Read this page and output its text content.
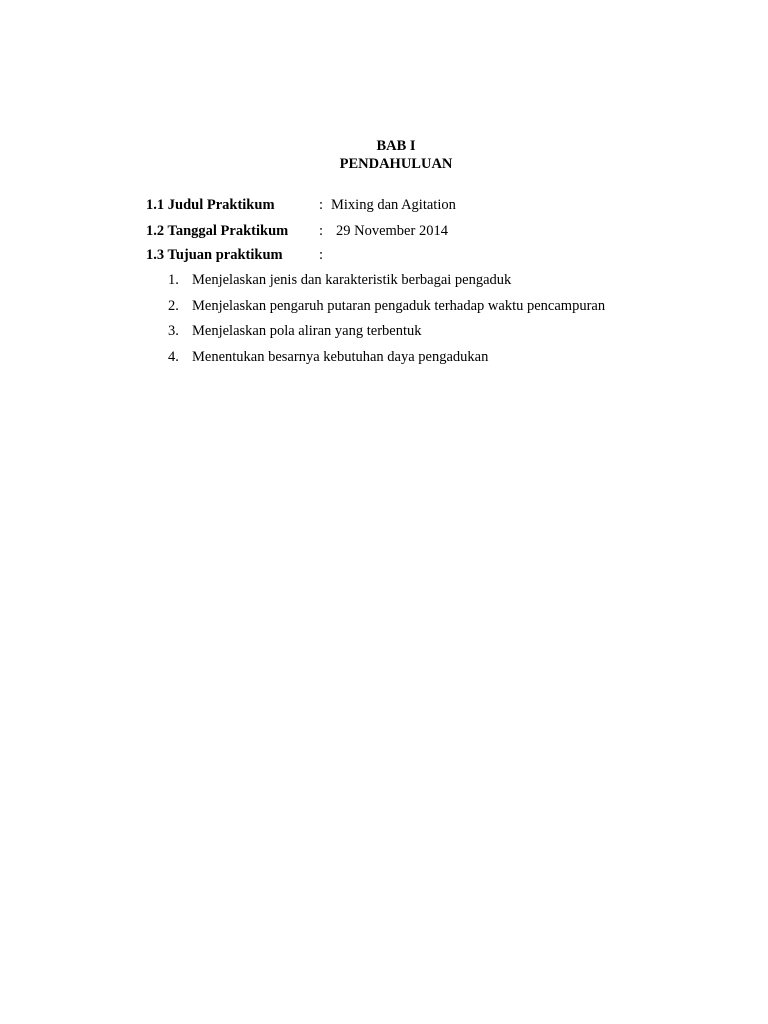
BAB I
PENDAHULUAN
1.1 Judul Praktikum	: Mixing dan Agitation
1.2 Tanggal Praktikum : 29 November 2014
1.3 Tujuan praktikum	:
1. Menjelaskan jenis dan karakteristik berbagai pengaduk
2. Menjelaskan pengaruh putaran pengaduk terhadap waktu pencampuran
3. Menjelaskan pola aliran yang terbentuk
4. Menentukan besarnya kebutuhan daya pengadukan
